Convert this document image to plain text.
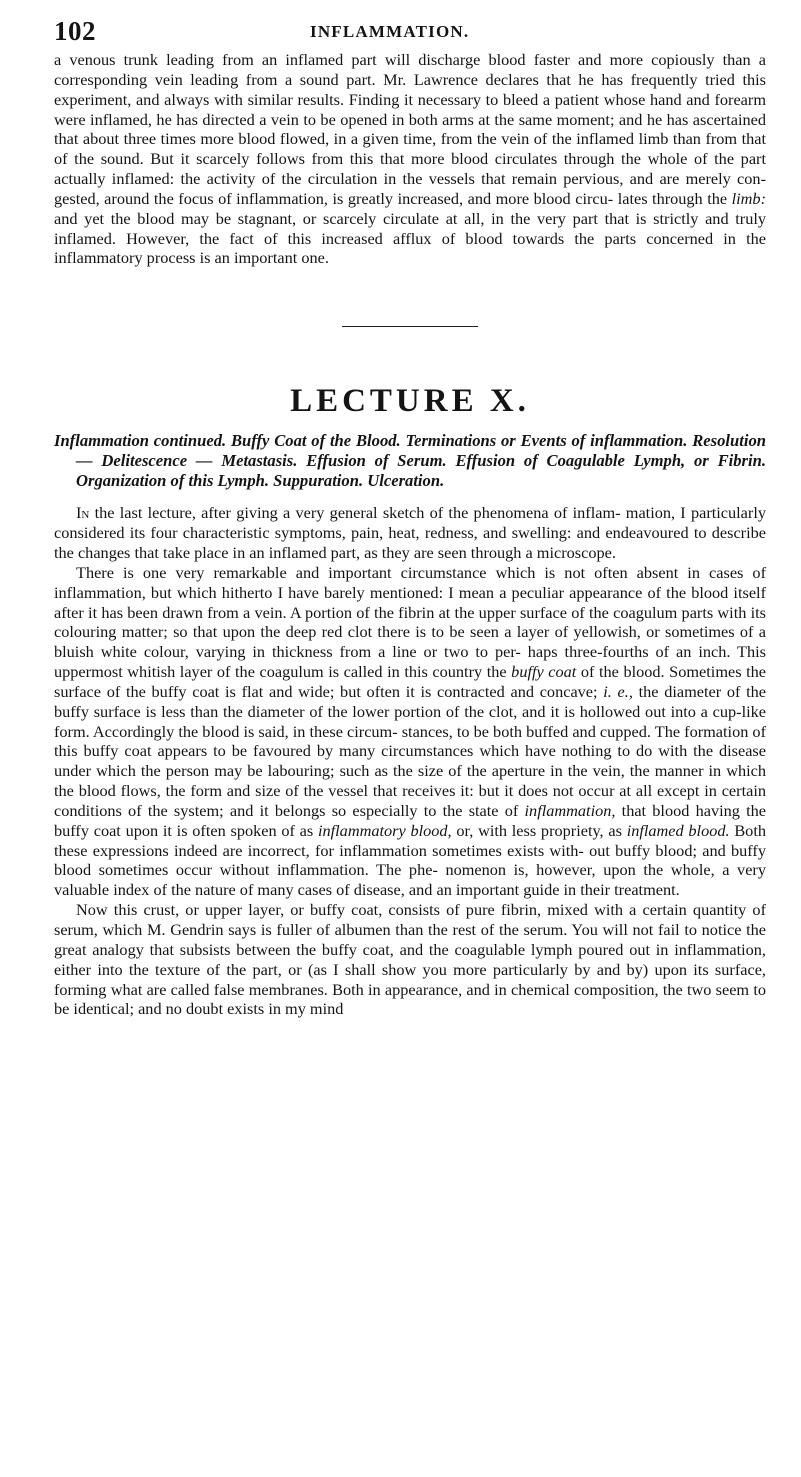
102	INFLAMMATION.

a venous trunk leading from an inflamed part will discharge blood faster and more copiously than a corresponding vein leading from a sound part. Mr. Lawrence declares that he has frequently tried this experiment, and always with similar results. Finding it necessary to bleed a patient whose hand and forearm were inflamed, he has directed a vein to be opened in both arms at the same moment; and he has ascertained that about three times more blood flowed, in a given time, from the vein of the inflamed limb than from that of the sound. But it scarcely follows from this that more blood circulates through the whole of the part actually inflamed: the activity of the circulation in the vessels that remain pervious, and are merely con- gested, around the focus of inflammation, is greatly increased, and more blood circu- lates through the limb: and yet the blood may be stagnant, or scarcely circulate at all, in the very part that is strictly and truly inflamed. However, the fact of this increased afflux of blood towards the parts concerned in the inflammatory process is an important one.

LECTURE X.
Inflammation continued. Buffy Coat of the Blood. Terminations or Events of inflammation. Resolution — Delitescence — Metastasis. Effusion of Serum. Effusion of Coagulable Lymph, or Fibrin. Organization of this Lymph. Suppuration. Ulceration.

In the last lecture, after giving a very general sketch of the phenomena of inflam- mation, I particularly considered its four characteristic symptoms, pain, heat, redness, and swelling: and endeavoured to describe the changes that take place in an inflamed part, as they are seen through a microscope.

There is one very remarkable and important circumstance which is not often absent in cases of inflammation, but which hitherto I have barely mentioned: I mean a peculiar appearance of the blood itself after it has been drawn from a vein. A portion of the fibrin at the upper surface of the coagulum parts with its colouring matter; so that upon the deep red clot there is to be seen a layer of yellowish, or sometimes of a bluish white colour, varying in thickness from a line or two to per- haps three-fourths of an inch. This uppermost whitish layer of the coagulum is called in this country the buffy coat of the blood. Sometimes the surface of the buffy coat is flat and wide; but often it is contracted and concave; i. e., the diameter of the buffy surface is less than the diameter of the lower portion of the clot, and it is hollowed out into a cup-like form. Accordingly the blood is said, in these circum- stances, to be both buffed and cupped. The formation of this buffy coat appears to be favoured by many circumstances which have nothing to do with the disease under which the person may be labouring; such as the size of the aperture in the vein, the manner in which the blood flows, the form and size of the vessel that receives it: but it does not occur at all except in certain conditions of the system; and it belongs so especially to the state of inflammation, that blood having the buffy coat upon it is often spoken of as inflammatory blood, or, with less propriety, as inflamed blood. Both these expressions indeed are incorrect, for inflammation sometimes exists with- out buffy blood; and buffy blood sometimes occur without inflammation. The phe- nomenon is, however, upon the whole, a very valuable index of the nature of many cases of disease, and an important guide in their treatment.

Now this crust, or upper layer, or buffy coat, consists of pure fibrin, mixed with a certain quantity of serum, which M. Gendrin says is fuller of albumen than the rest of the serum. You will not fail to notice the great analogy that subsists between the buffy coat, and the coagulable lymph poured out in inflammation, either into the texture of the part, or (as I shall show you more particularly by and by) upon its surface, forming what are called false membranes. Both in appearance, and in chemical composition, the two seem to be identical; and no doubt exists in my mind
